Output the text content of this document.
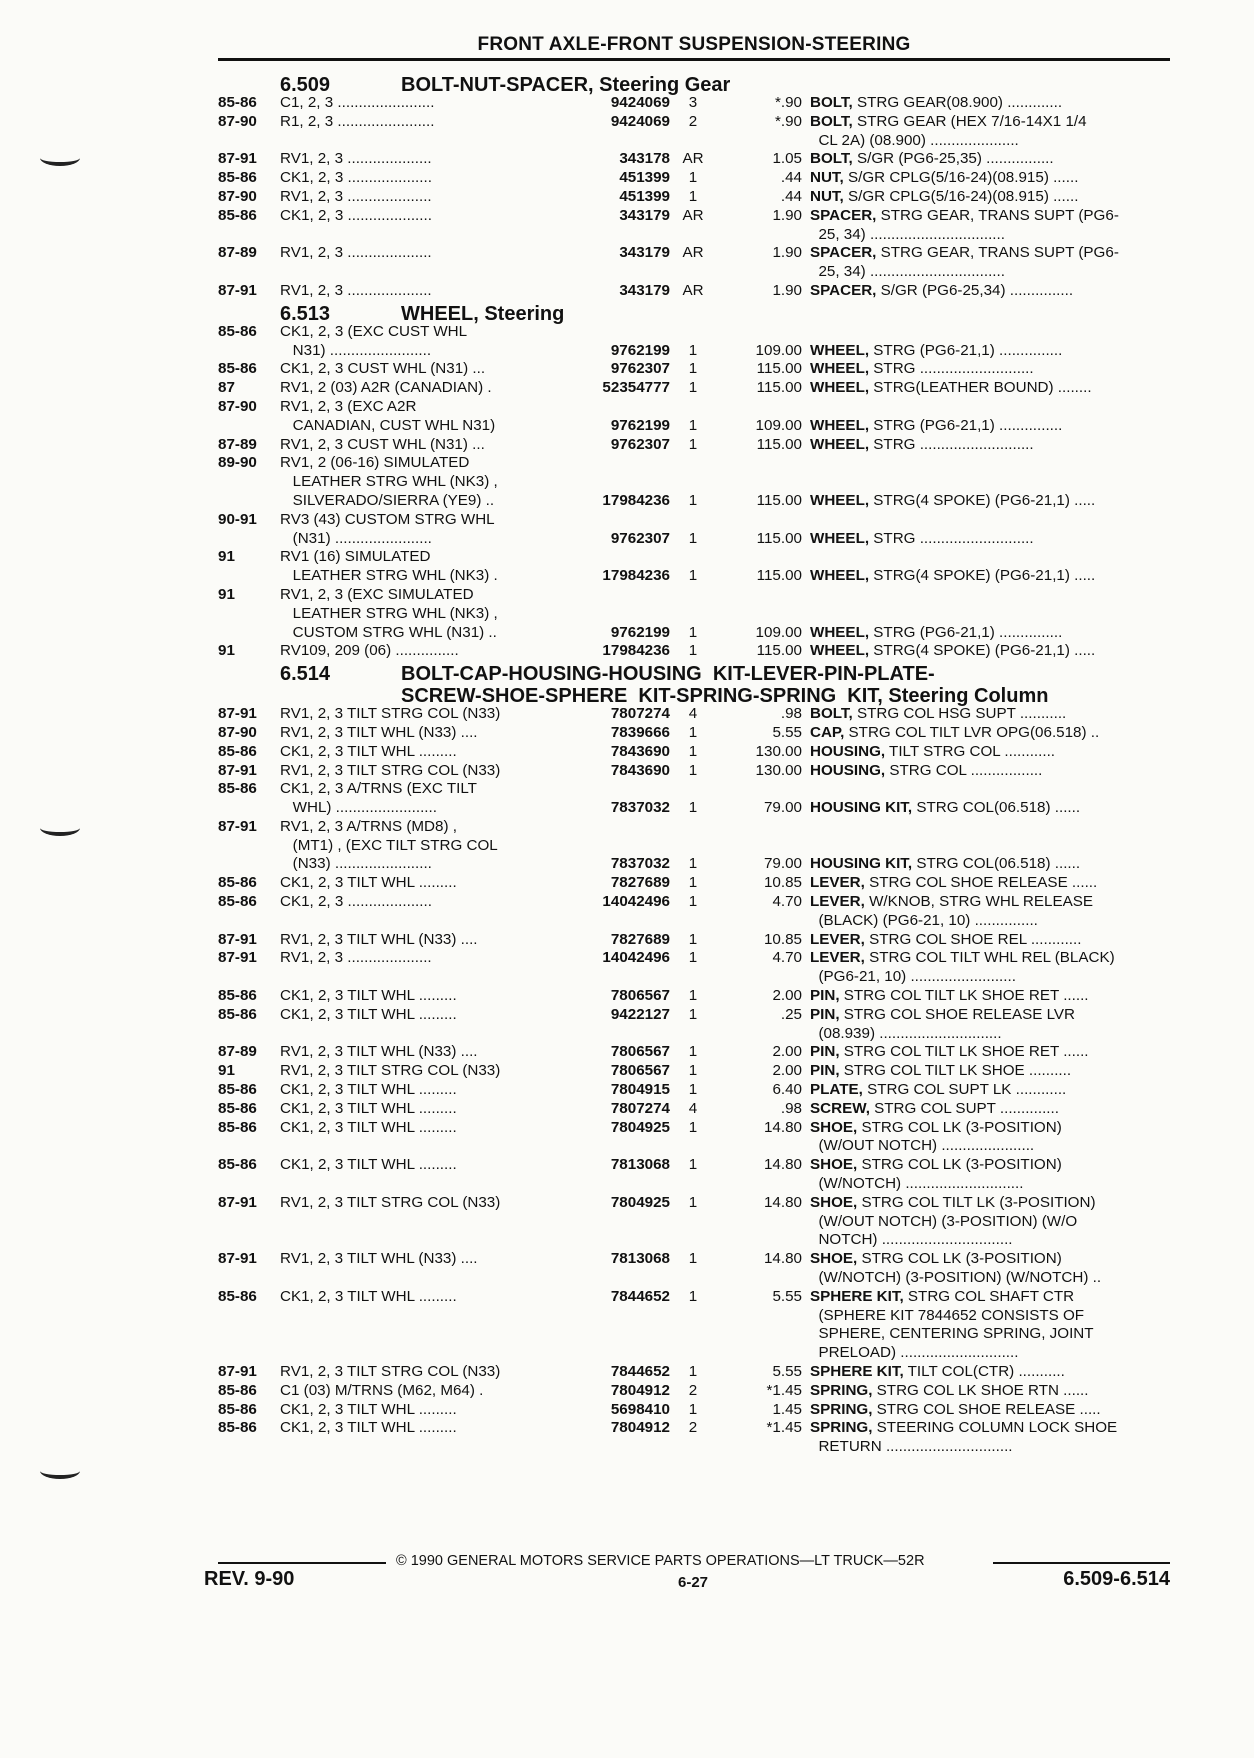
FRONT AXLE-FRONT SUSPENSION-STEERING
6.509	BOLT-NUT-SPACER, Steering Gear
85-86 C1, 2, 3 .......................	9424069	3	*.90 BOLT, STRG GEAR(08.900) .............
87-90 R1, 2, 3 .......................	9424069	2	*.90 BOLT, STRG GEAR (HEX 7/16-14X1 1/4
CL 2A) (08.900) .....................
87-91 RV1, 2, 3 ....................	343178 AR	1.05 BOLT, S/GR (PG6-25,35) ................
85-86 CK1, 2, 3 ....................	451399	1	.44 NUT, S/GR CPLG(5/16-24)(08.915) ......
87-90 RV1, 2, 3 ....................	451399	1	.44 NUT, S/GR CPLG(5/16-24)(08.915) ......
85-86 CK1, 2, 3 ....................	343179 AR	1.90 SPACER, STRG GEAR, TRANS SUPT (PG6-
25, 34) ................................
87-89 RV1, 2, 3 ....................	343179 AR	1.90 SPACER, STRG GEAR, TRANS SUPT (PG6-
25, 34) ................................
87-91 RV1, 2, 3 ....................	343179 AR	1.90 SPACER, S/GR (PG6-25,34) ...............
6.513	WHEEL, Steering
85-86 CK1, 2, 3 (EXC CUST WHL
N31) ........................	9762199	1	109.00 WHEEL, STRG (PG6-21,1) ...............
85-86 CK1, 2, 3 CUST WHL (N31) ...	9762307	1	115.00 WHEEL, STRG ...........................
87	RV1, 2 (03) A2R (CANADIAN) .	52354777	1	115.00 WHEEL, STRG(LEATHER BOUND) ........
87-90 RV1, 2, 3 (EXC A2R
CANADIAN, CUST WHL N31)	9762199	1	109.00 WHEEL, STRG (PG6-21,1) ...............
87-89 RV1, 2, 3 CUST WHL (N31) ...	9762307	1	115.00 WHEEL, STRG ...........................
89-90 RV1, 2 (06-16) SIMULATED
LEATHER STRG WHL (NK3) ,
SILVERADO/SIERRA (YE9) ..	17984236	1	115.00 WHEEL, STRG(4 SPOKE) (PG6-21,1) .....
90-91 RV3 (43) CUSTOM STRG WHL
(N31) .......................	9762307	1	115.00 WHEEL, STRG ...........................
91	RV1 (16) SIMULATED
LEATHER STRG WHL (NK3) .	17984236	1	115.00 WHEEL, STRG(4 SPOKE) (PG6-21,1) .....
91	RV1, 2, 3 (EXC SIMULATED
LEATHER STRG WHL (NK3) ,
CUSTOM STRG WHL (N31) ..	9762199	1	109.00 WHEEL, STRG (PG6-21,1) ...............
91	RV109, 209 (06) ...............	17984236	1	115.00 WHEEL, STRG(4 SPOKE) (PG6-21,1) .....
6.514	BOLT-CAP-HOUSING-HOUSING  KIT-LEVER-PIN-PLATE-
SCREW-SHOE-SPHERE  KIT-SPRING-SPRING  KIT, Steering Column
87-91 RV1, 2, 3 TILT STRG COL (N33)	7807274	4	.98 BOLT, STRG COL HSG SUPT ...........
87-90 RV1, 2, 3 TILT WHL (N33) ....	7839666	1	5.55 CAP, STRG COL TILT LVR OPG(06.518) ..
85-86 CK1, 2, 3 TILT WHL .........	7843690	1	130.00 HOUSING, TILT STRG COL ............
87-91 RV1, 2, 3 TILT STRG COL (N33)	7843690	1	130.00 HOUSING, STRG COL .................
85-86 CK1, 2, 3 A/TRNS (EXC TILT
WHL) ........................	7837032	1	79.00 HOUSING KIT, STRG COL(06.518) ......
87-91 RV1, 2, 3 A/TRNS (MD8) ,
(MT1) , (EXC TILT STRG COL
(N33) .......................	7837032	1	79.00 HOUSING KIT, STRG COL(06.518) ......
85-86 CK1, 2, 3 TILT WHL .........	7827689	1	10.85 LEVER, STRG COL SHOE RELEASE ......
85-86 CK1, 2, 3 ....................	14042496	1	4.70 LEVER, W/KNOB, STRG WHL RELEASE
(BLACK) (PG6-21, 10) ...............
87-91 RV1, 2, 3 TILT WHL (N33) ....	7827689	1	10.85 LEVER, STRG COL SHOE REL ............
87-91 RV1, 2, 3 ....................	14042496	1	4.70 LEVER, STRG COL TILT WHL REL (BLACK)
(PG6-21, 10) .........................
85-86 CK1, 2, 3 TILT WHL .........	7806567	1	2.00 PIN, STRG COL TILT LK SHOE RET ......
85-86 CK1, 2, 3 TILT WHL .........	9422127	1	.25 PIN, STRG COL SHOE RELEASE LVR
(08.939) .............................
87-89 RV1, 2, 3 TILT WHL (N33) ....	7806567	1	2.00 PIN, STRG COL TILT LK SHOE RET ......
91	RV1, 2, 3 TILT STRG COL (N33)	7806567	1	2.00 PIN, STRG COL TILT LK SHOE ..........
85-86 CK1, 2, 3 TILT WHL .........	7804915	1	6.40 PLATE, STRG COL SUPT LK ............
85-86 CK1, 2, 3 TILT WHL .........	7807274	4	.98 SCREW, STRG COL SUPT ..............
85-86 CK1, 2, 3 TILT WHL .........	7804925	1	14.80 SHOE, STRG COL LK (3-POSITION)
(W/OUT NOTCH) ......................
85-86 CK1, 2, 3 TILT WHL .........	7813068	1	14.80 SHOE, STRG COL LK (3-POSITION)
(W/NOTCH) ............................
87-91 RV1, 2, 3 TILT STRG COL (N33)	7804925	1	14.80 SHOE, STRG COL TILT LK (3-POSITION)
(W/OUT NOTCH) (3-POSITION) (W/O
NOTCH) ...............................
87-91 RV1, 2, 3 TILT WHL (N33) ....	7813068	1	14.80 SHOE, STRG COL LK (3-POSITION)
(W/NOTCH) (3-POSITION) (W/NOTCH) ..
85-86 CK1, 2, 3 TILT WHL .........	7844652	1	5.55 SPHERE KIT, STRG COL SHAFT CTR
(SPHERE KIT 7844652 CONSISTS OF
SPHERE, CENTERING SPRING, JOINT
PRELOAD) ............................
87-91 RV1, 2, 3 TILT STRG COL (N33)	7844652	1	5.55 SPHERE KIT, TILT COL(CTR) ...........
85-86 C1 (03) M/TRNS (M62, M64) .	7804912	2	*1.45 SPRING, STRG COL LK SHOE RTN ......
85-86 CK1, 2, 3 TILT WHL .........	5698410	1	1.45 SPRING, STRG COL SHOE RELEASE .....
85-86 CK1, 2, 3 TILT WHL .........	7804912	2	*1.45 SPRING, STEERING COLUMN LOCK SHOE
RETURN ..............................
© 1990 GENERAL MOTORS SERVICE PARTS OPERATIONS—LT TRUCK—52R
REV. 9-90	6-27	6.509-6.514
